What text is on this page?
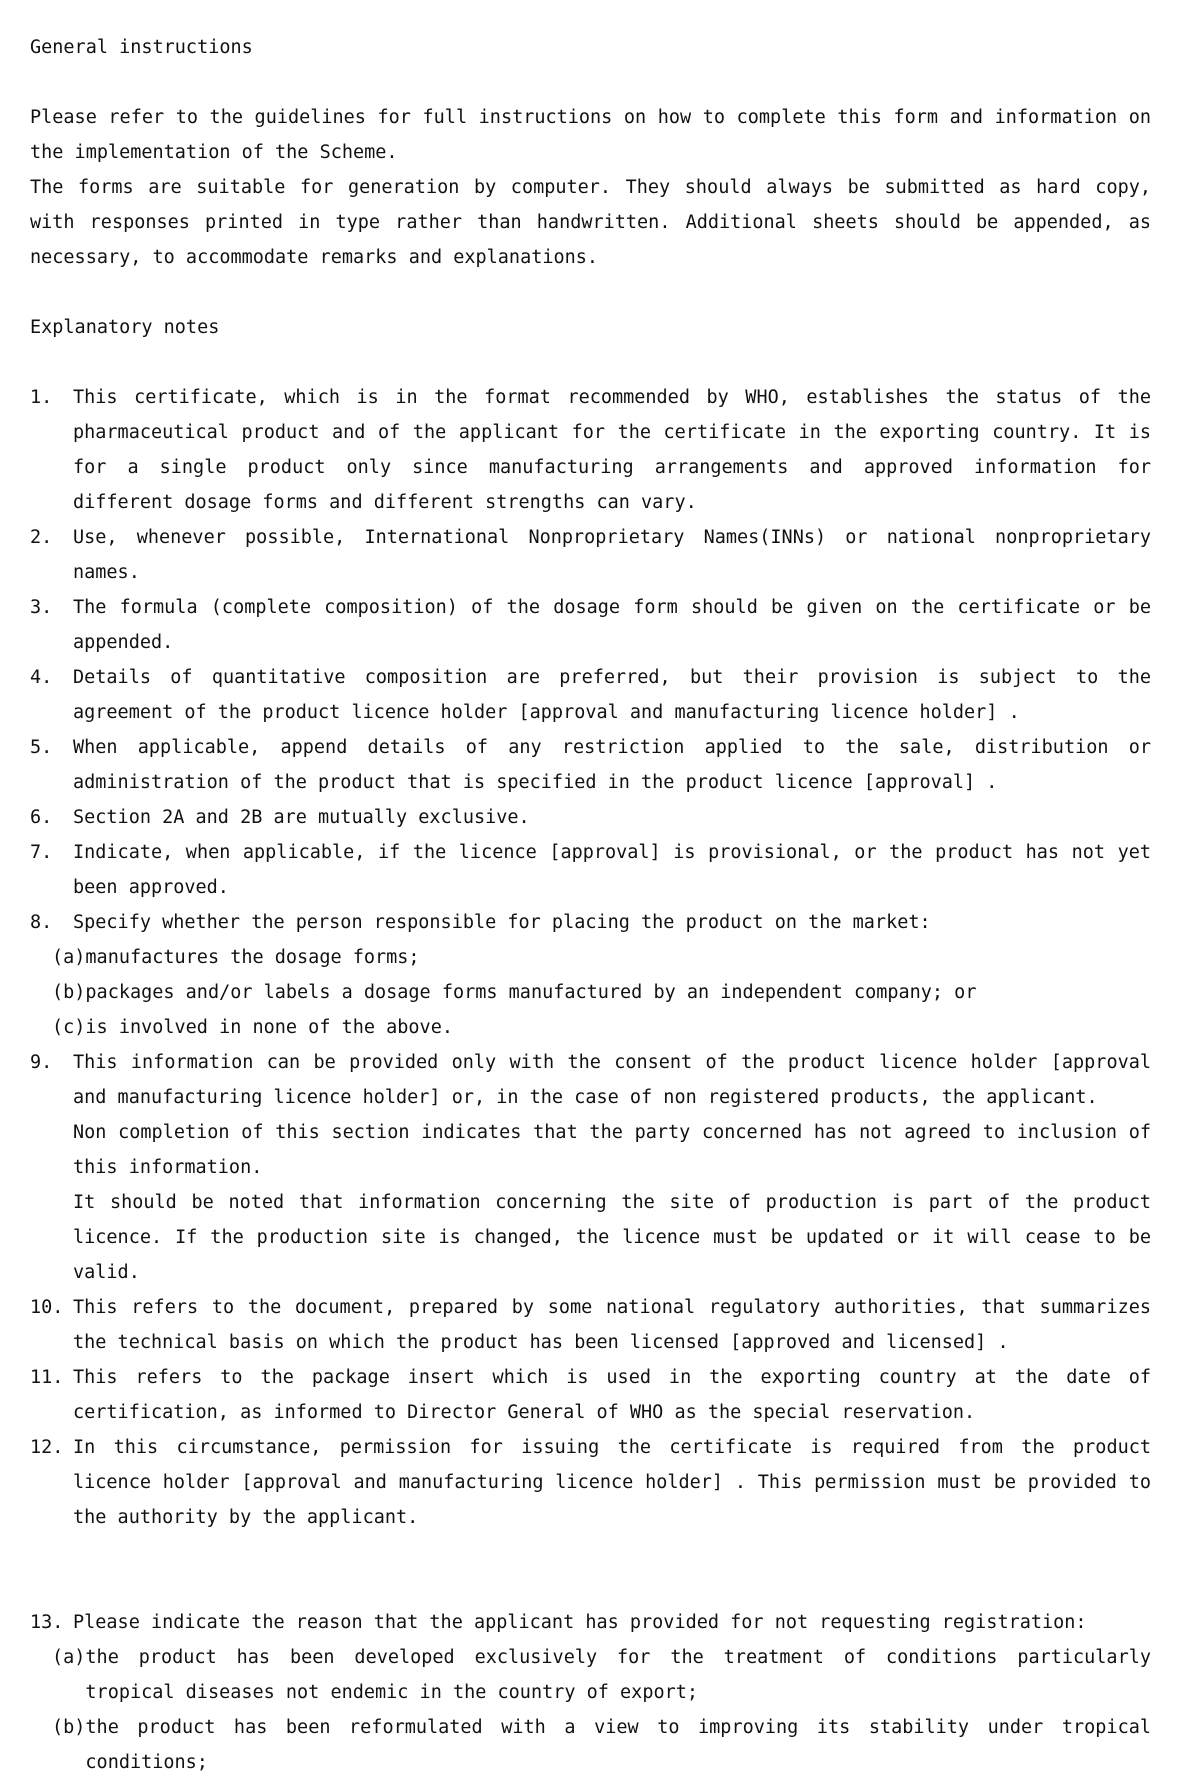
General instructions

Please refer to the guidelines for full instructions on how to complete this form and information on the implementation of the Scheme.

The forms are suitable for generation by computer. They should always be submitted as hard copy, with responses printed in type rather than handwritten. Additional sheets should be appended, as necessary, to accommodate remarks and explanations.

Explanatory notes

1.	This certificate, which is in the format recommended by WHO, establishes the status of the pharmaceutical product and of the applicant for the certificate in the exporting country. It is for a single product only since manufacturing arrangements and approved information for different dosage forms and different strengths can vary.

2.	Use, whenever possible, International Nonproprietary Names(INNs) or national nonproprietary names.

3.	The formula (complete composition) of the dosage form should be given on the certificate or be appended.

4.	Details of quantitative composition are preferred, but their provision is subject to the agreement of the product licence holder [approval and manufacturing licence holder] .

5.	When applicable, append details of any restriction applied to the sale, distribution or administration of the product that is specified in the product licence [approval] .

6.	Section 2A and 2B are mutually exclusive.

7.	Indicate, when applicable, if the licence [approval] is provisional, or the product has not yet been approved.

8.	Specify whether the person responsible for placing the product on the market:

(a) manufactures the dosage forms;
(b) packages and/or labels a dosage forms manufactured by an independent company; or
(c) is involved in none of the above.
9.	This information can be provided only with the consent of the product licence holder [approval and manufacturing licence holder] or, in the case of non registered products, the applicant.

Non completion of this section indicates that the party concerned has not agreed to inclusion of this information.

It should be noted that information concerning the site of production is part of the product licence. If the production site is changed, the licence must be updated or it will cease to be valid.

10. This refers to the document, prepared by some national regulatory authorities, that summarizes the technical basis on which the product has been licensed [approved and licensed] .

11. This refers to the package insert which is used in the exporting country at the date of certification, as informed to Director General of WHO as the special reservation.

12. In this circumstance, permission for issuing the certificate is required from the product licence holder [approval and manufacturing licence holder] . This permission must be provided to the authority by the applicant.

13. Please indicate the reason that the applicant has provided for not requesting registration:

(a) the product has been developed exclusively for the treatment of conditions particularly tropical diseases not endemic in the country of export;
(b) the product has been reformulated with a view to improving its stability under tropical conditions;
